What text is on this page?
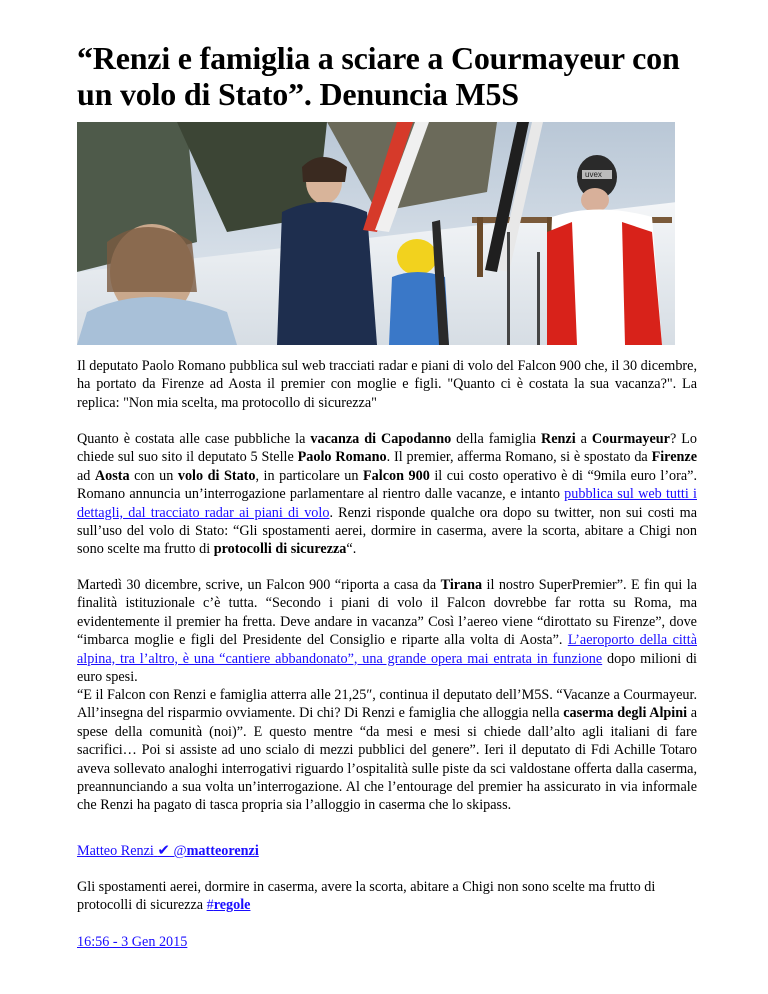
“Renzi e famiglia a sciare a Courmayeur con un volo di Stato”. Denuncia M5S
uvex

Il deputato Paolo Romano pubblica sul web tracciati radar e piani di volo del Falcon 900 che, il 30 dicembre, ha portato da Firenze ad Aosta il premier con moglie e figli. "Quanto ci è costata la sua vacanza?". La replica: "Non mia scelta, ma protocollo di sicurezza"

Quanto è costata alle case pubbliche la vacanza di Capodanno della famiglia Renzi a Courmayeur? Lo chiede sul suo sito il deputato 5 Stelle Paolo Romano. Il premier, afferma Romano, si è spostato da Firenze ad Aosta con un volo di Stato, in particolare un Falcon 900 il cui costo operativo è di “9mila euro l’ora”. Romano annuncia un’interrogazione parlamentare al rientro dalle vacanze, e intanto pubblica sul web tutti i dettagli, dal tracciato radar ai piani di volo. Renzi risponde qualche ora dopo su twitter, non sui costi ma sull’uso del volo di Stato: “Gli spostamenti aerei, dormire in caserma, avere la scorta, abitare a Chigi non sono scelte ma frutto di protocolli di sicurezza“.

Martedì 30 dicembre, scrive, un Falcon 900 “riporta a casa da Tirana il nostro SuperPremier”. E fin qui la finalità istituzionale c’è tutta. “Secondo i piani di volo il Falcon dovrebbe far rotta su Roma, ma evidentemente il premier ha fretta. Deve andare in vacanza” Così l’aereo viene “dirottato su Firenze”, dove “imbarca moglie e figli del Presidente del Consiglio e riparte alla volta di Aosta”. L’aeroporto della città alpina, tra l’altro, è una “cantiere abbandonato”, una grande opera mai entrata in funzione dopo milioni di euro spesi.

“E il Falcon con Renzi e famiglia atterra alle 21,25″, continua il deputato dell’M5S. “Vacanze a Courmayeur. All’insegna del risparmio ovviamente. Di chi? Di Renzi e famiglia che alloggia nella caserma degli Alpini a spese della comunità (noi)”. E questo mentre “da mesi e mesi si chiede dall’alto agli italiani di fare sacrifici… Poi si assiste ad uno scialo di mezzi pubblici del genere”. Ieri il deputato di Fdi Achille Totaro aveva sollevato analoghi interrogativi riguardo l’ospitalità sulle piste da sci valdostane offerta dalla caserma, preannunciando a sua volta un’interrogazione. Al che l’entourage del premier ha assicurato in via informale che Renzi ha pagato di tasca propria sia l’alloggio in caserma che lo skipass.

Matteo Renzi ✔ @matteorenzi

Gli spostamenti aerei, dormire in caserma, avere la scorta, abitare a Chigi non sono scelte ma frutto di protocolli di sicurezza #regole

16:56 - 3 Gen 2015
